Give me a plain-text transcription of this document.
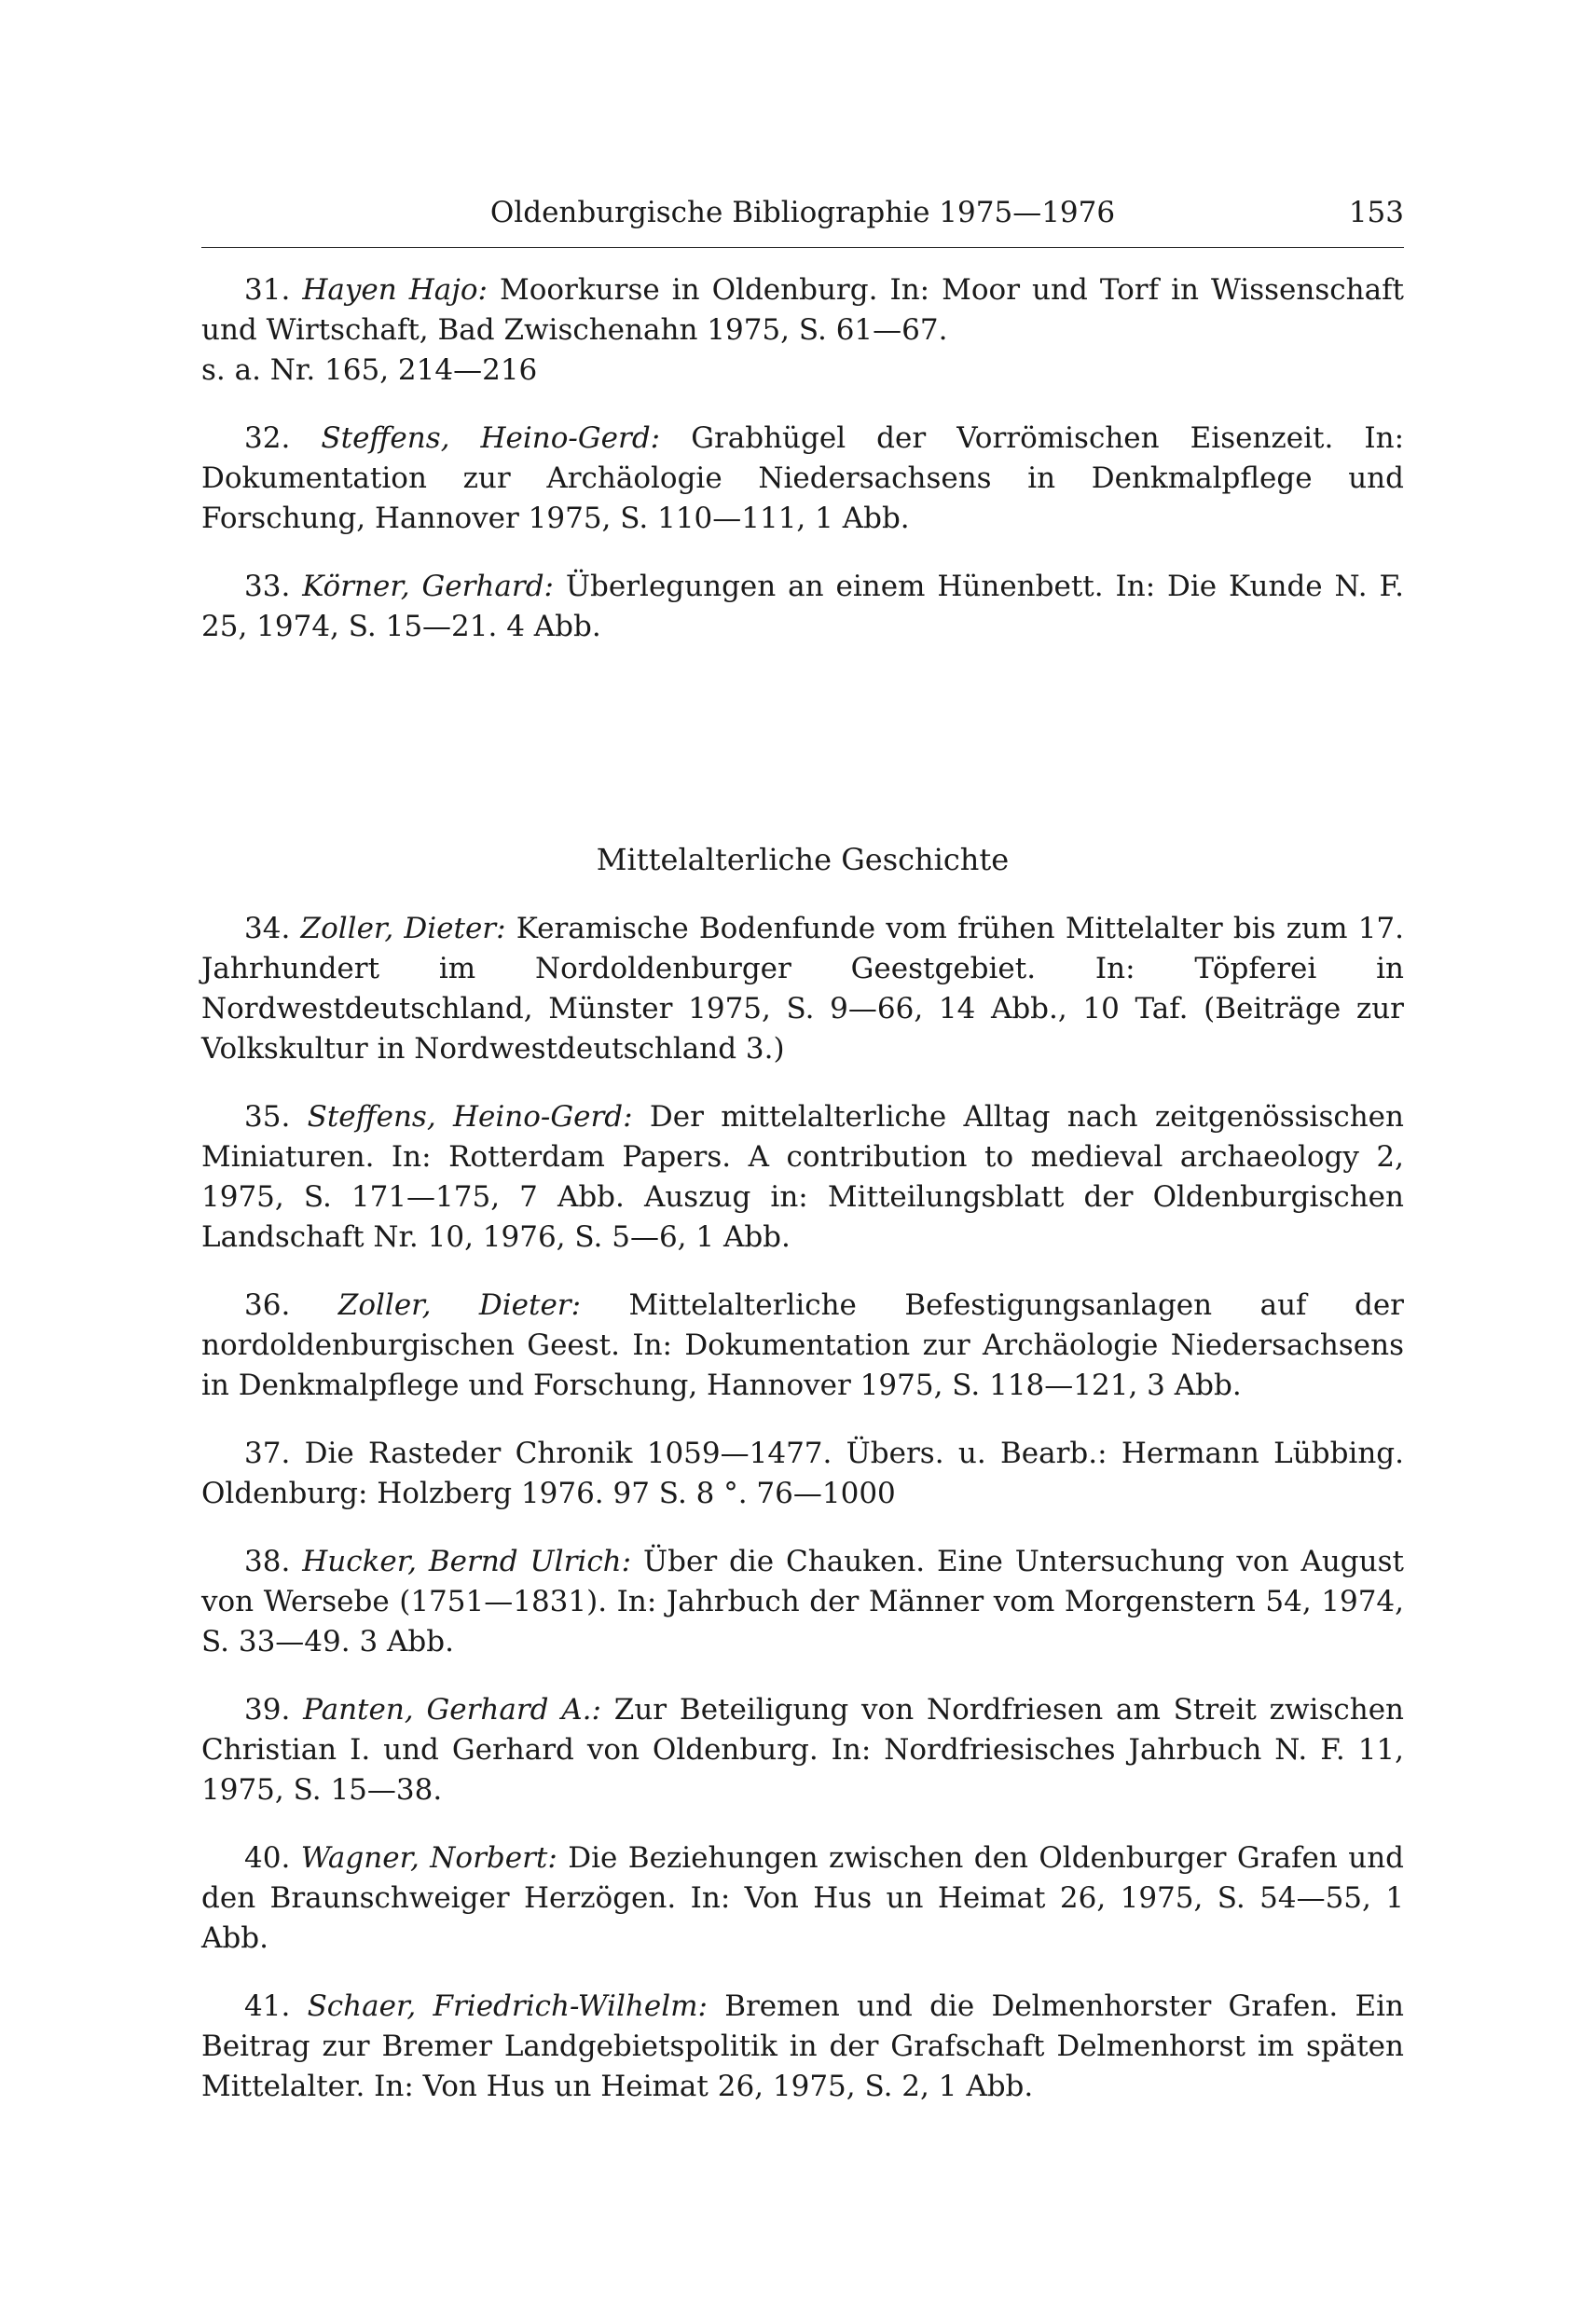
Oldenburgische Bibliographie 1975—1976	153

31. Hayen Hajo: Moorkurse in Oldenburg. In: Moor und Torf in Wissenschaft und Wirtschaft, Bad Zwischenahn 1975, S. 61—67.
s. a. Nr. 165, 214—216

32. Steffens, Heino-Gerd: Grabhügel der Vorrömischen Eisenzeit. In: Dokumentation zur Archäologie Niedersachsens in Denkmalpflege und Forschung, Hannover 1975, S. 110—111, 1 Abb.

33. Körner, Gerhard: Überlegungen an einem Hünenbett. In: Die Kunde N. F. 25, 1974, S. 15—21. 4 Abb.

Mittelalterliche Geschichte

34. Zoller, Dieter: Keramische Bodenfunde vom frühen Mittelalter bis zum 17. Jahrhundert im Nordoldenburger Geestgebiet. In: Töpferei in Nordwestdeutschland, Münster 1975, S. 9—66, 14 Abb., 10 Taf. (Beiträge zur Volkskultur in Nordwestdeutschland 3.)

35. Steffens, Heino-Gerd: Der mittelalterliche Alltag nach zeitgenössischen Miniaturen. In: Rotterdam Papers. A contribution to medieval archaeology 2, 1975, S. 171—175, 7 Abb. Auszug in: Mitteilungsblatt der Oldenburgischen Landschaft Nr. 10, 1976, S. 5—6, 1 Abb.

36. Zoller, Dieter: Mittelalterliche Befestigungsanlagen auf der nordoldenburgischen Geest. In: Dokumentation zur Archäologie Niedersachsens in Denkmalpflege und Forschung, Hannover 1975, S. 118—121, 3 Abb.

37. Die Rasteder Chronik 1059—1477. Übers. u. Bearb.: Hermann Lübbing. Oldenburg: Holzberg 1976. 97 S. 8 °. 76—1000

38. Hucker, Bernd Ulrich: Über die Chauken. Eine Untersuchung von August von Wersebe (1751—1831). In: Jahrbuch der Männer vom Morgenstern 54, 1974, S. 33—49. 3 Abb.

39. Panten, Gerhard A.: Zur Beteiligung von Nordfriesen am Streit zwischen Christian I. und Gerhard von Oldenburg. In: Nordfriesisches Jahrbuch N. F. 11, 1975, S. 15—38.

40. Wagner, Norbert: Die Beziehungen zwischen den Oldenburger Grafen und den Braunschweiger Herzögen. In: Von Hus un Heimat 26, 1975, S. 54—55, 1 Abb.

41. Schaer, Friedrich-Wilhelm: Bremen und die Delmenhorster Grafen. Ein Beitrag zur Bremer Landgebietspolitik in der Grafschaft Delmenhorst im späten Mittelalter. In: Von Hus un Heimat 26, 1975, S. 2, 1 Abb.
